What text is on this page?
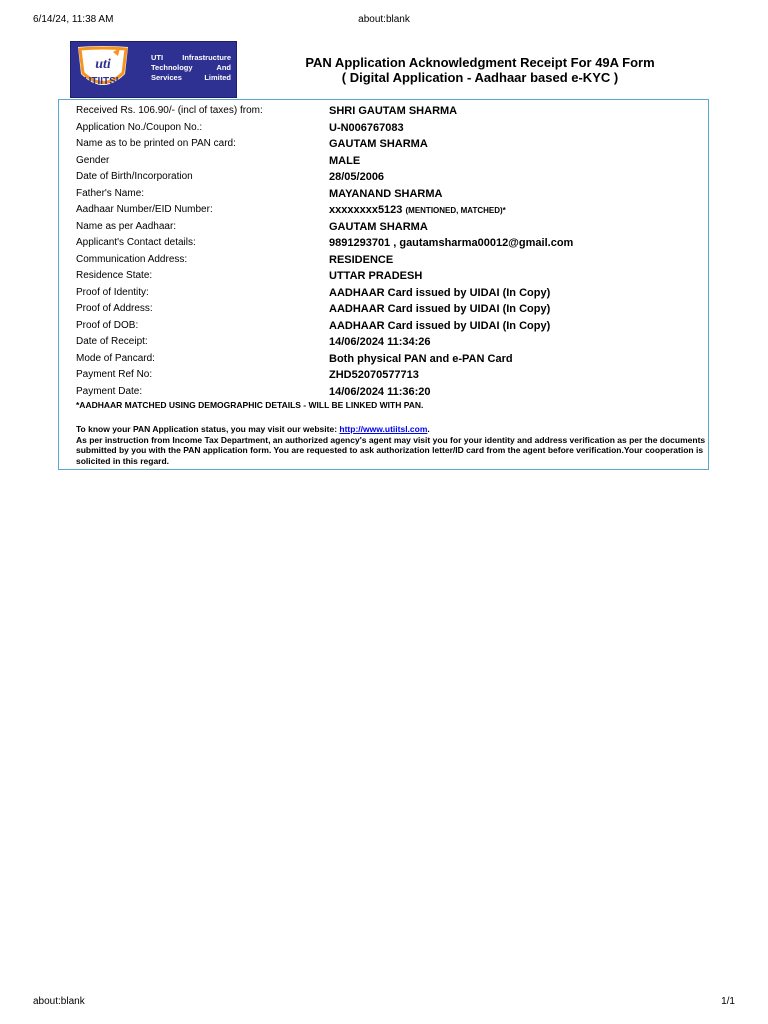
about:blank
6/14/24, 11:38 AM
uti
UTIITSL
UTI	Infrastructure
Technology	And
Services	Limited
PAN Application Acknowledgment Receipt For 49A Form
( Digital Application - Aadhaar based e-KYC )
Received Rs. 106.90/- (incl of taxes) from:	SHRI GAUTAM SHARMA
Application No./Coupon No.:	U-N006767083
Name as to be printed on PAN card:	GAUTAM SHARMA
Gender	MALE
Date of Birth/Incorporation	28/05/2006
Father's Name:	MAYANAND SHARMA
Aadhaar Number/EID Number:	xxxxxxxx5123 (MENTIONED, MATCHED)*
Name as per Aadhaar:	GAUTAM SHARMA
Applicant's Contact details:	9891293701 , gautamsharma00012@gmail.com
Communication Address:	RESIDENCE
Residence State:	UTTAR PRADESH
Proof of Identity:	AADHAAR Card issued by UIDAI (In Copy)
Proof of Address:	AADHAAR Card issued by UIDAI (In Copy)
Proof of DOB:	AADHAAR Card issued by UIDAI (In Copy)
Date of Receipt:	14/06/2024 11:34:26
Mode of Pancard:	Both physical PAN and e-PAN Card
Payment Ref No:	ZHD52070577713
Payment Date:	14/06/2024 11:36:20
*AADHAAR MATCHED USING DEMOGRAPHIC DETAILS - WILL BE LINKED WITH PAN.
To know your PAN Application status, you may visit our website: http://www.utiitsl.com.
As per instruction from Income Tax Department, an authorized agency's agent may visit you for your identity and address verification as per the documents submitted by you with the PAN application form. You are requested to ask authorization letter/ID card from the agent before verification.Your cooperation is solicited in this regard.
about:blank	1/1
